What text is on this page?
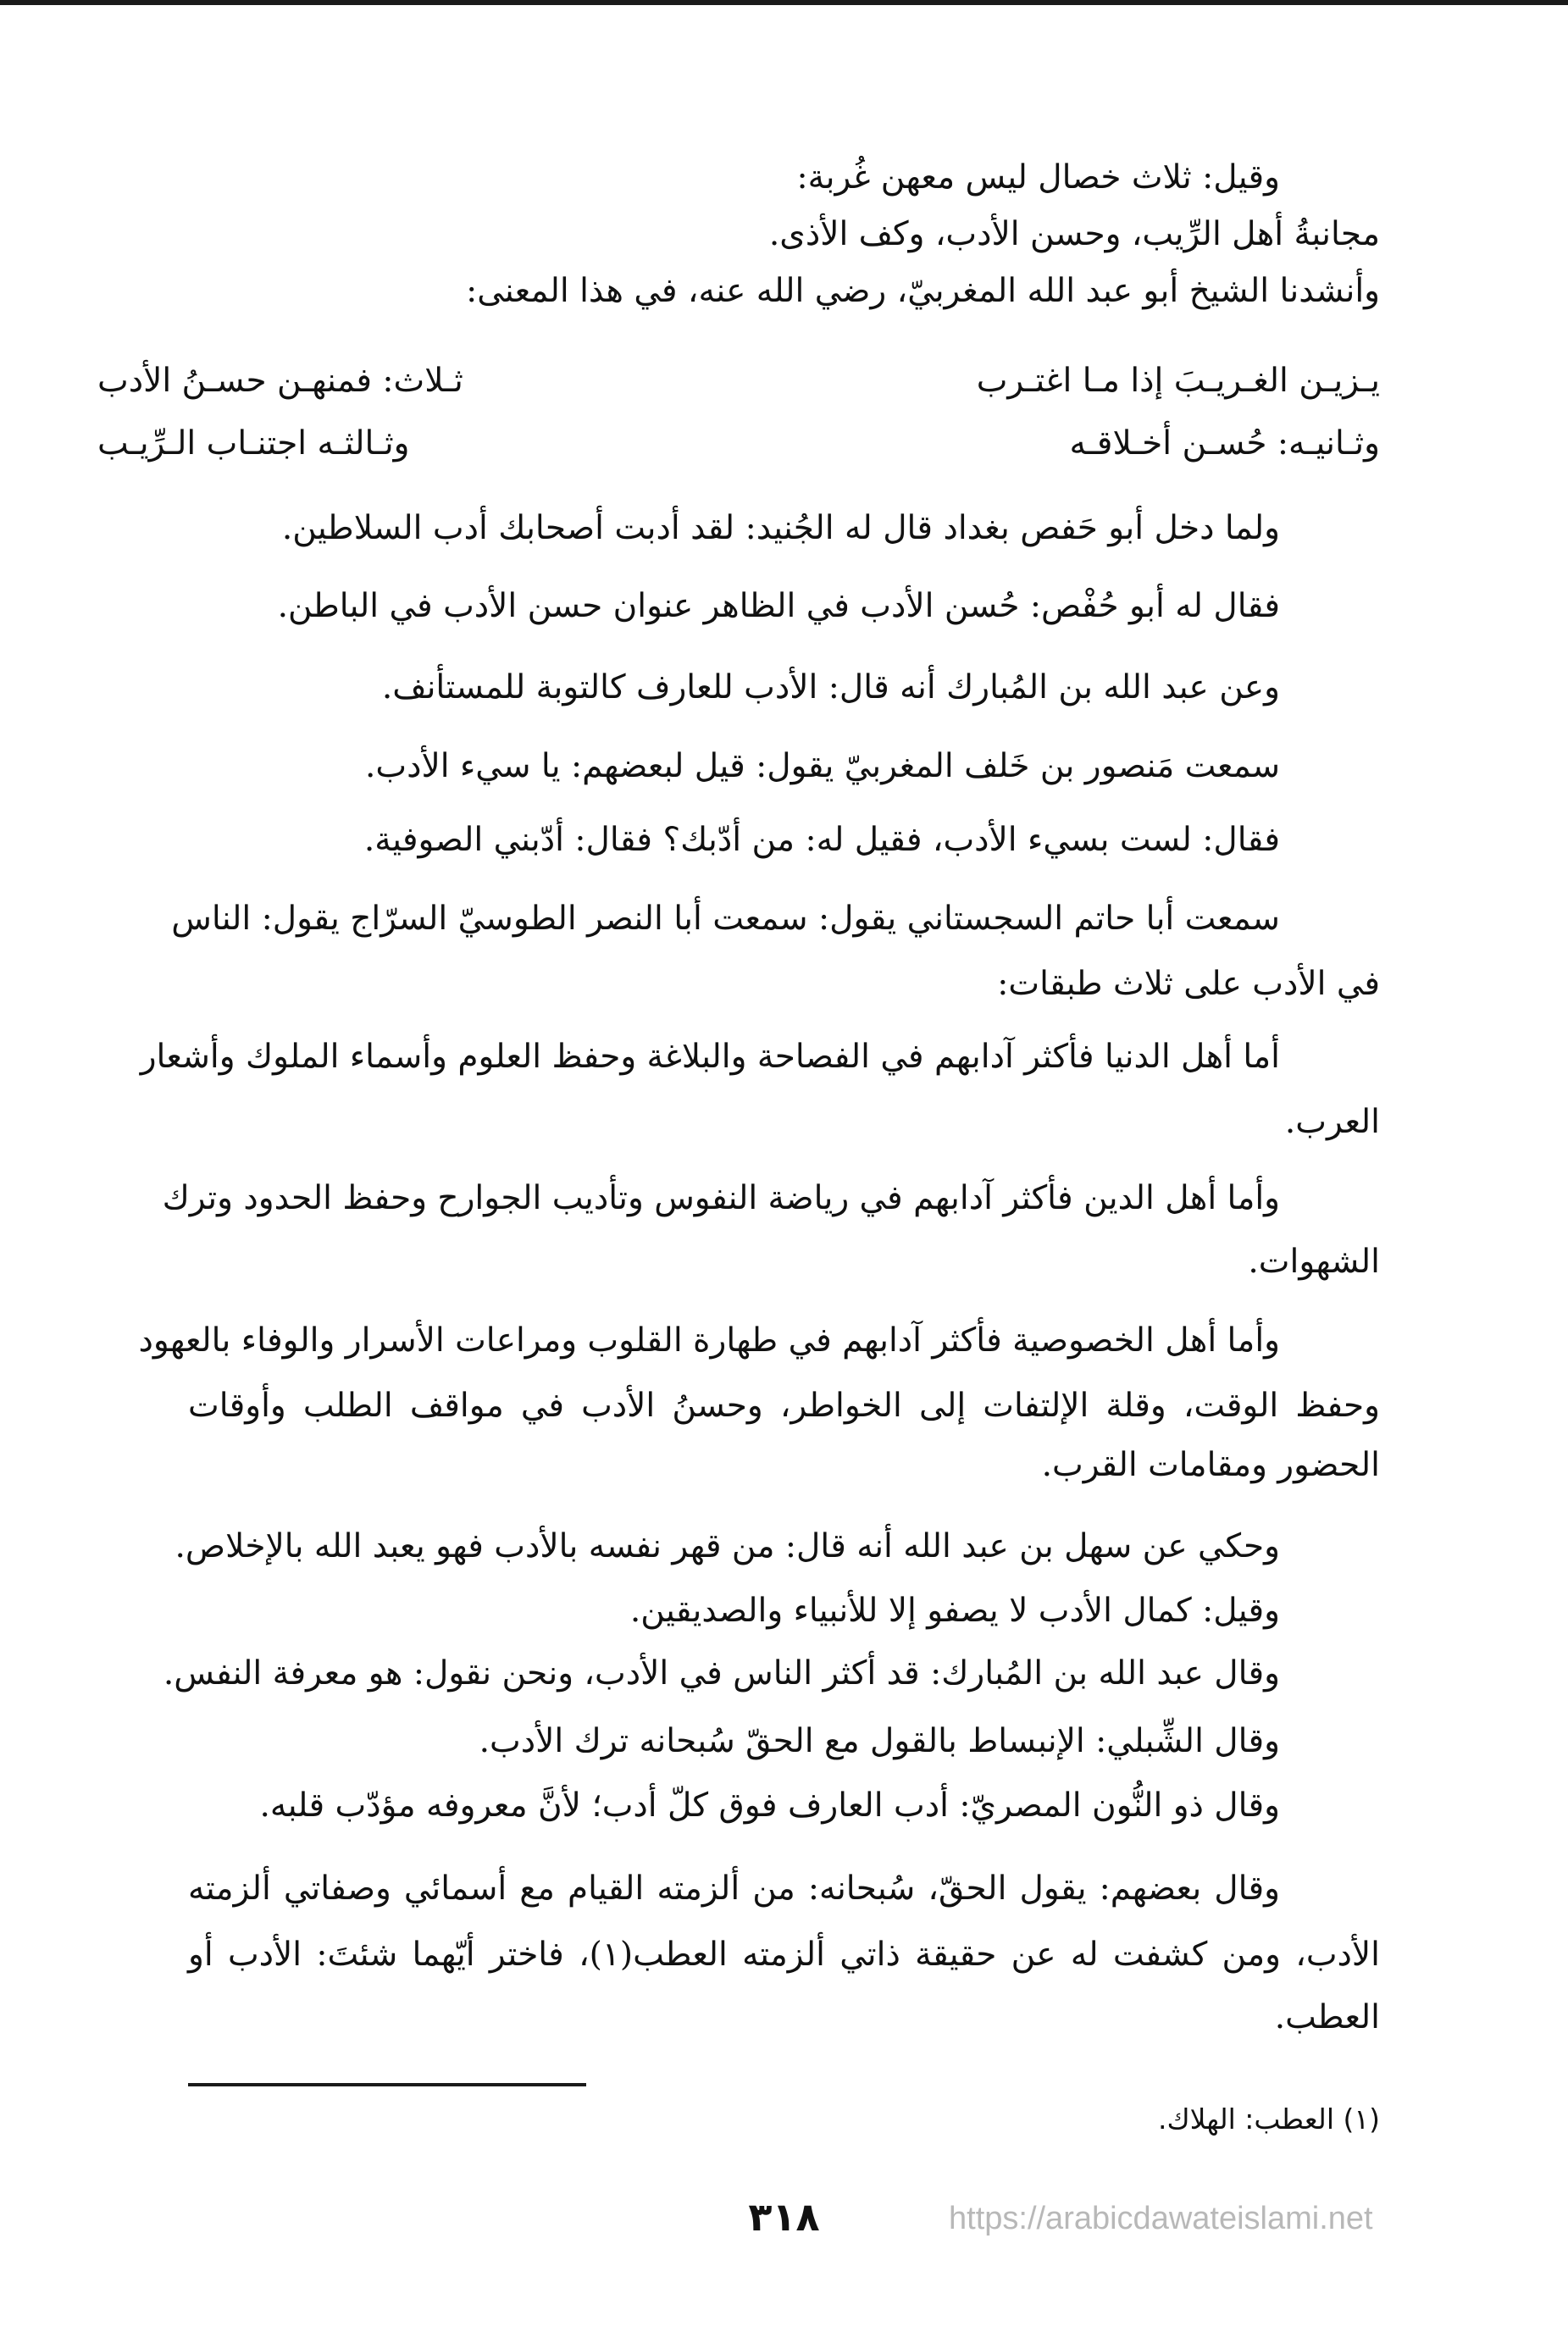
وقيل: ثلاث خصال ليس معهن غُربة:
مجانبةُ أهل الرِّيب، وحسن الأدب، وكف الأذى.
وأنشدنا الشيخ أبو عبد الله المغربيّ، رضي الله عنه، في هذا المعنى:
يـزيـن الغـريـبَ إذا مـا اغتـرب
ثـلاث: فمنهـن حسـنُ الأدب
وثـانيـه: حُسـن أخـلاقـه
وثـالثـه اجتنـاب الـرِّيـب
ولما دخل أبو حَفص بغداد قال له الجُنيد: لقد أدبت أصحابك أدب السلاطين.
فقال له أبو حُفْص: حُسن الأدب في الظاهر عنوان حسن الأدب في الباطن.
وعن عبد الله بن المُبارك أنه قال: الأدب للعارف كالتوبة للمستأنف.
سمعت مَنصور بن خَلف المغربيّ يقول: قيل لبعضهم: يا سيء الأدب.
فقال: لست بسيء الأدب، فقيل له: من أدّبك؟ فقال: أدّبني الصوفية.
سمعت أبا حاتم السجستاني يقول: سمعت أبا النصر الطوسيّ السرّاج يقول: الناس
في الأدب على ثلاث طبقات:
أما أهل الدنيا فأكثر آدابهم في الفصاحة والبلاغة وحفظ العلوم وأسماء الملوك وأشعار
العرب.
وأما أهل الدين فأكثر آدابهم في رياضة النفوس وتأديب الجوارح وحفظ الحدود وترك
الشهوات.
وأما أهل الخصوصية فأكثر آدابهم في طهارة القلوب ومراعات الأسرار والوفاء بالعهود
وحفظ الوقت، وقلة الإلتفات إلى الخواطر، وحسنُ الأدب في مواقف الطلب وأوقات
الحضور ومقامات القرب.
وحكي عن سهل بن عبد الله أنه قال: من قهر نفسه بالأدب فهو يعبد الله بالإخلاص.
وقيل: كمال الأدب لا يصفو إلا للأنبياء والصديقين.
وقال عبد الله بن المُبارك: قد أكثر الناس في الأدب، ونحن نقول: هو معرفة النفس.
وقال الشِّبلي: الإنبساط بالقول مع الحقّ سُبحانه ترك الأدب.
وقال ذو النُّون المصريّ: أدب العارف فوق كلّ أدب؛ لأنَّ معروفه مؤدّب قلبه.
وقال بعضهم: يقول الحقّ، سُبحانه: من ألزمته القيام مع أسمائي وصفاتي ألزمته
الأدب، ومن كشفت له عن حقيقة ذاتي ألزمته العطب(١)، فاختر أيّهما شئتَ: الأدب أو
العطب.
(١) العطب: الهلاك.
٣١٨	https://arabicdawateislami.net
